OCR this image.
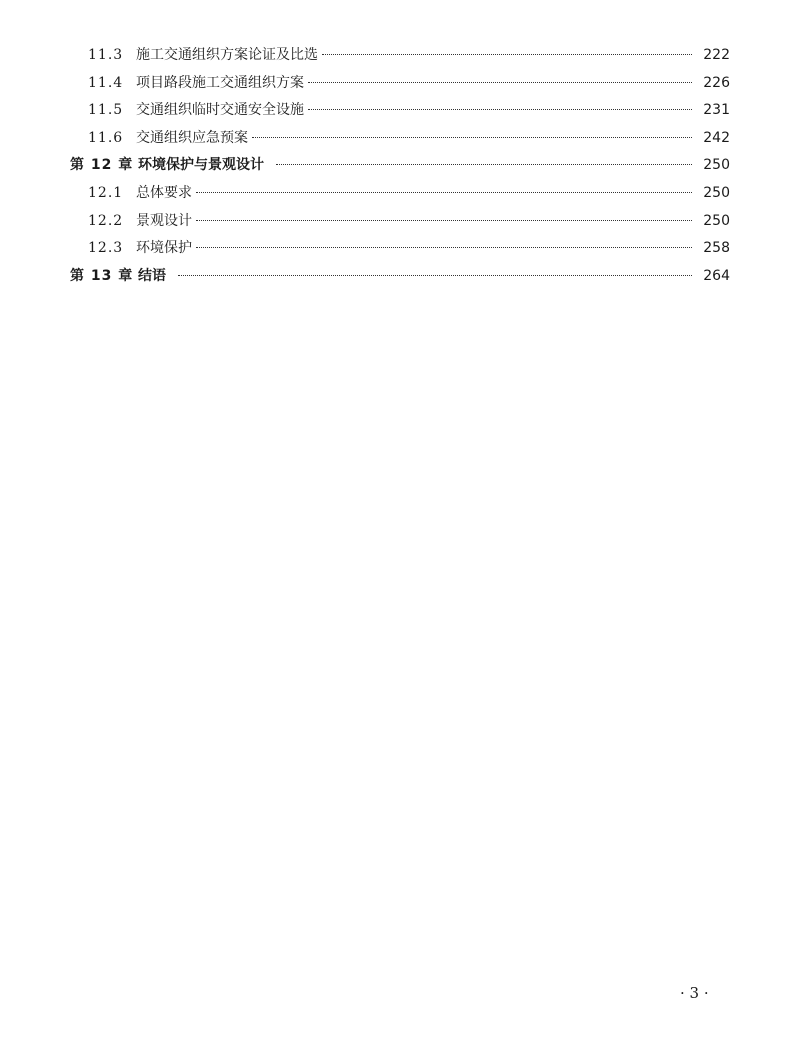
11.3 施工交通组织方案论证及比选	222
11.4 项目路段施工交通组织方案	226
11.5 交通组织临时交通安全设施	231
11.6 交通组织应急预案	242
第 12 章 环境保护与景观设计	250
12.1 总体要求	250
12.2 景观设计	250
12.3 环境保护	258
第 13 章 结语	264
· 3 ·
